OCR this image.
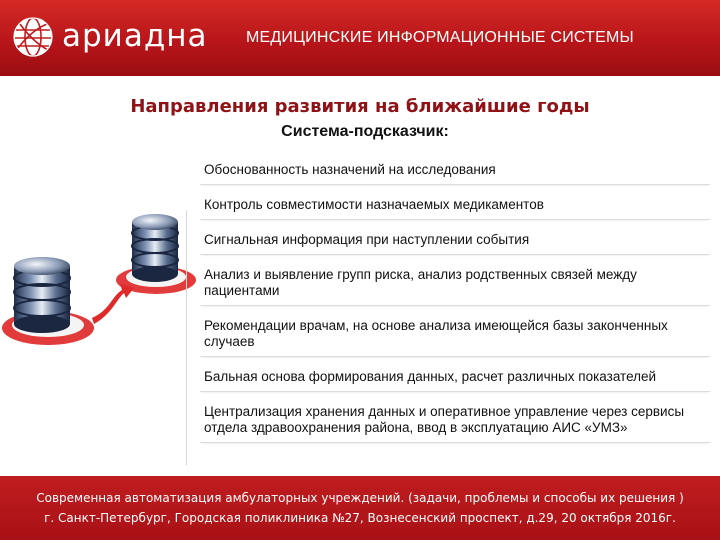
ариадна МЕДИЦИНСКИЕ ИНФОРМАЦИОННЫЕ СИСТЕМЫ
Направления развития на ближайшие годы
Система-подсказчик:
Обоснованность назначений на исследования
Контроль совместимости назначаемых медикаментов
Сигнальная информация при наступлении события
Анализ и выявление групп риска, анализ родственных связей между пациентами
Рекомендации врачам, на основе анализа имеющейся базы законченных случаев
Бальная основа формирования данных, расчет различных показателей
Централизация хранения данных и оперативное управление через сервисы отдела здравоохранения района, ввод в эксплуатацию АИС «УМЗ»
Современная автоматизация амбулаторных учреждений. (задачи, проблемы и способы их решения )
г. Санкт-Петербург, Городская поликлиника №27, Вознесенский проспект, д.29, 20 октября 2016г.
